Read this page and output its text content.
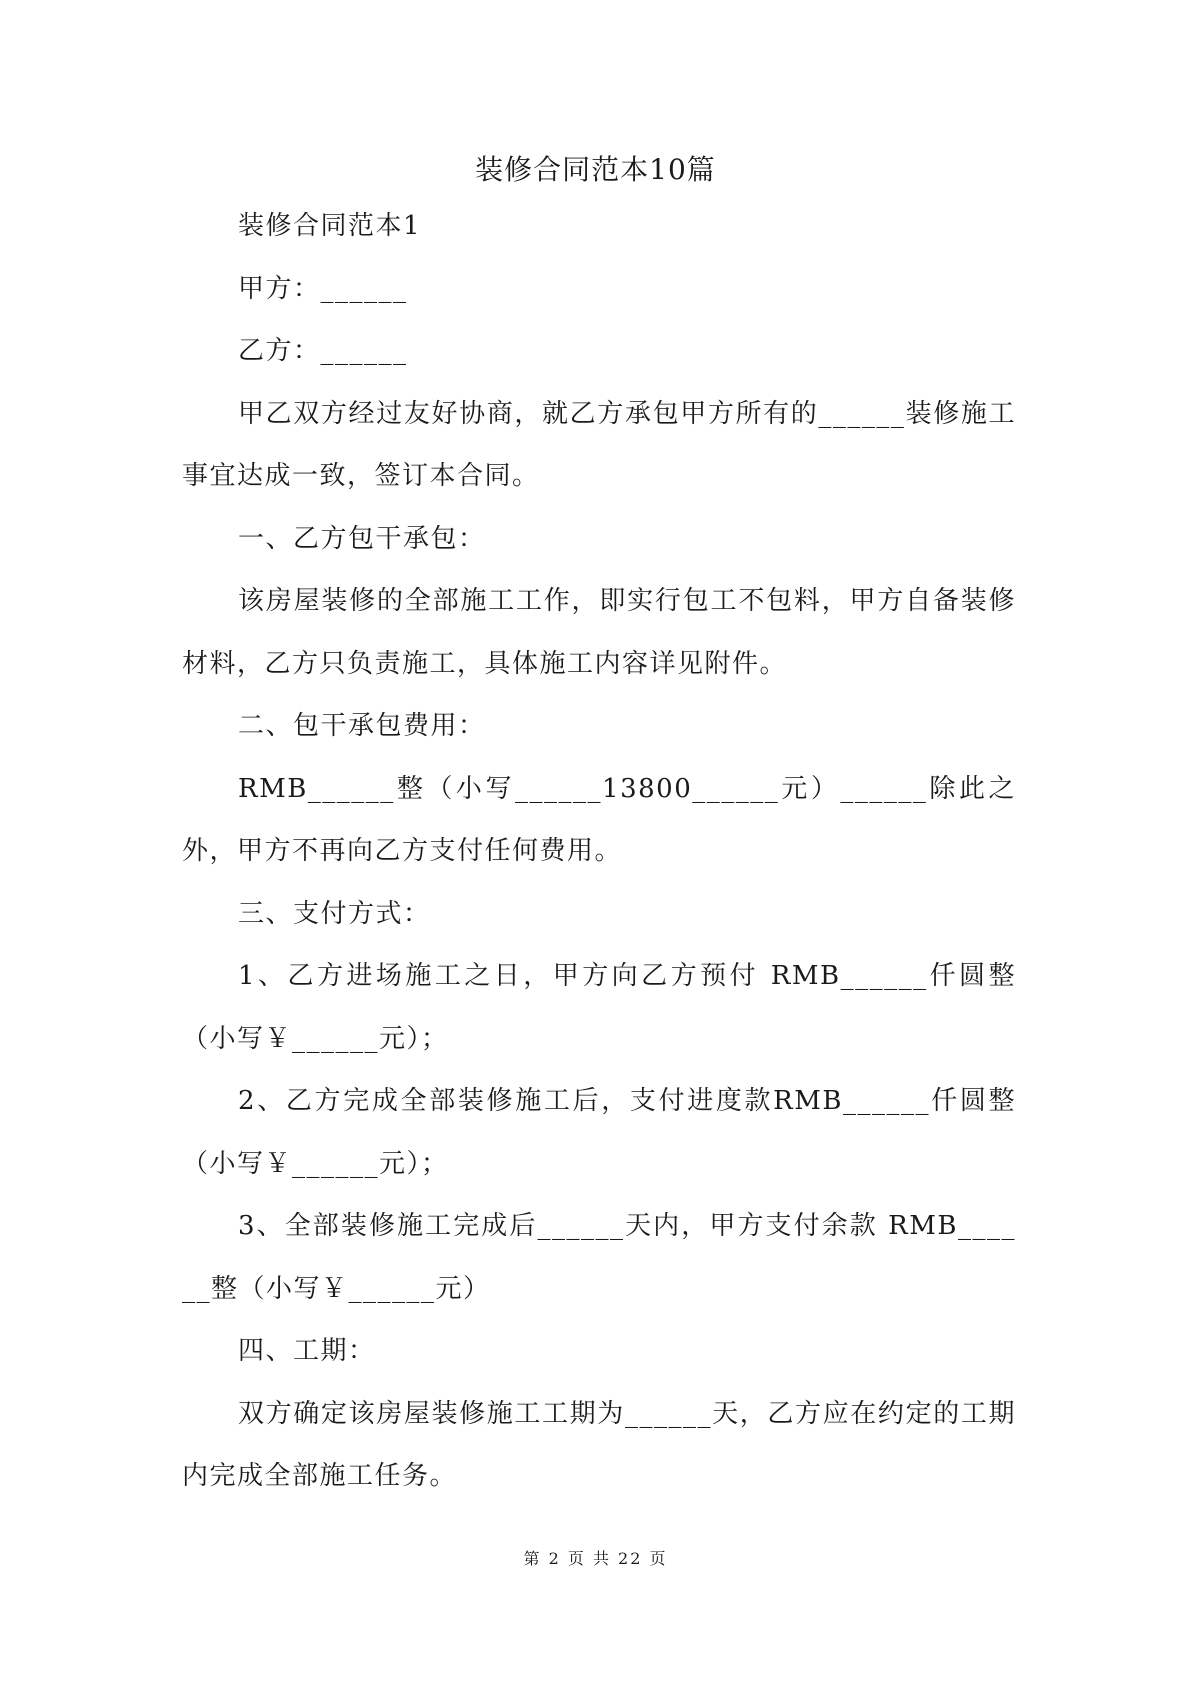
装修合同范本10篇

装修合同范本1

甲方：______

乙方：______

甲乙双方经过友好协商，就乙方承包甲方所有的______装修施工事宜达成一致，签订本合同。

一、乙方包干承包：

该房屋装修的全部施工工作，即实行包工不包料，甲方自备装修材料，乙方只负责施工，具体施工内容详见附件。

二、包干承包费用：

RMB______整（小写______13800______元）______除此之外，甲方不再向乙方支付任何费用。

三、支付方式：

1、乙方进场施工之日，甲方向乙方预付 RMB______仟圆整（小写￥______元）；

2、乙方完成全部装修施工后，支付进度款RMB______仟圆整（小写￥______元）；

3、全部装修施工完成后______天内，甲方支付余款 RMB______整（小写￥______元）

四、工期：

双方确定该房屋装修施工工期为______天，乙方应在约定的工期内完成全部施工任务。

第 2 页 共 22 页
